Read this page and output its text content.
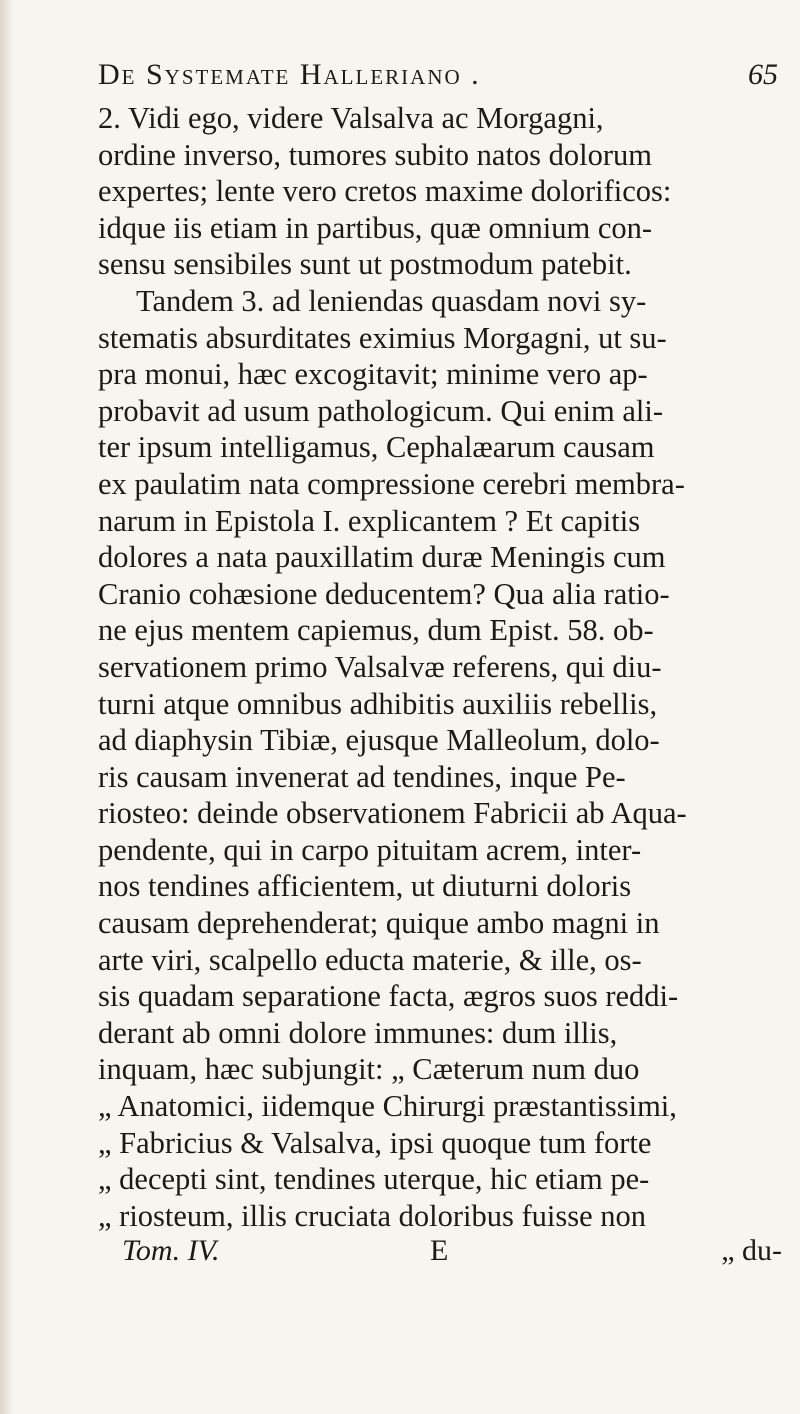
De Systemate Halleriano .	65
2. Vidi ego, videre Valsalva ac Morgagni,
ordine inverso, tumores subito natos dolorum
expertes; lente vero cretos maxime dolorificos:
idque iis etiam in partibus, quæ omnium con-
sensu sensibiles sunt ut postmodum patebit.
Tandem 3. ad leniendas quasdam novi sy-
stematis absurditates eximius Morgagni, ut su-
pra monui, hæc excogitavit; minime vero ap-
probavit ad usum pathologicum. Qui enim ali-
ter ipsum intelligamus, Cephalæarum causam
ex paulatim nata compressione cerebri membra-
narum in Epistola I. explicantem ? Et capitis
dolores a nata pauxillatim duræ Meningis cum
Cranio cohæsione deducentem? Qua alia ratio-
ne ejus mentem capiemus, dum Epist. 58. ob-
servationem primo Valsalvæ referens, qui diu-
turni atque omnibus adhibitis auxiliis rebellis,
ad diaphysin Tibiæ, ejusque Malleolum, dolo-
ris causam invenerat ad tendines, inque Pe-
riosteo: deinde observationem Fabricii ab Aqua-
pendente, qui in carpo pituitam acrem, inter-
nos tendines afficientem, ut diuturni doloris
causam deprehenderat; quique ambo magni in
arte viri, scalpello educta materie, & ille, os-
sis quadam separatione facta, ægros suos reddi-
derant ab omni dolore immunes: dum illis,
inquam, hæc subjungit: „ Cæterum num duo
„ Anatomici, iidemque Chirurgi præstantissimi,
„ Fabricius & Valsalva, ipsi quoque tum forte
„ decepti sint, tendines uterque, hic etiam pe-
„ riosteum, illis cruciata doloribus fuisse non
Tom. IV.	E	„ du-
